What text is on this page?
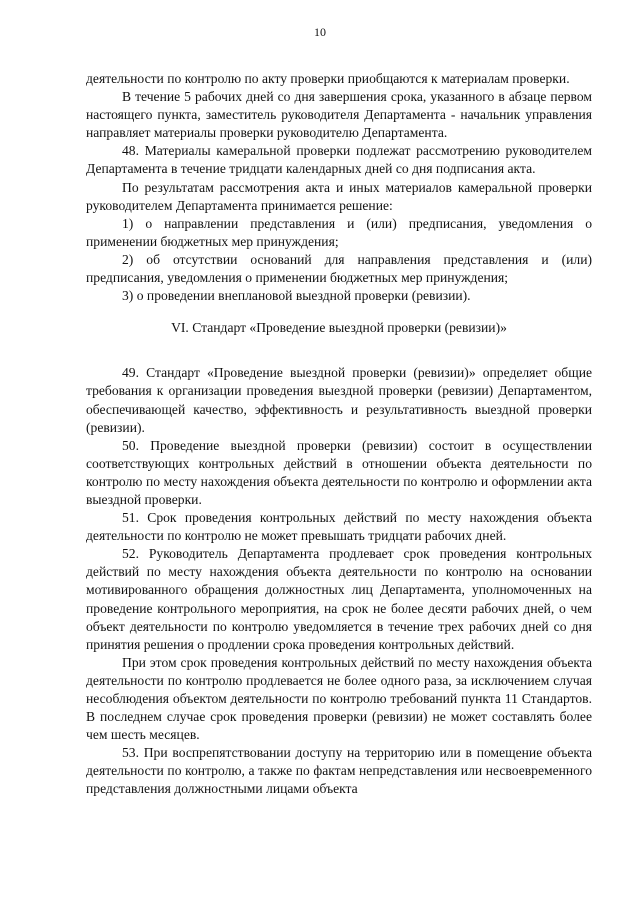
10

деятельности по контролю по акту проверки приобщаются к материалам проверки.

В течение 5 рабочих дней со дня завершения срока, указанного в абзаце первом настоящего пункта, заместитель руководителя Департамента - начальник управления направляет материалы проверки руководителю Департамента.

48. Материалы камеральной проверки подлежат рассмотрению руководителем Департамента в течение тридцати календарных дней со дня подписания акта.

По результатам рассмотрения акта и иных материалов камеральной проверки руководителем Департамента принимается решение:

1) о направлении представления и (или) предписания, уведомления о применении бюджетных мер принуждения;

2) об отсутствии оснований для направления представления и (или) предписания, уведомления о применении бюджетных мер принуждения;

3) о проведении внеплановой выездной проверки (ревизии).

VI. Стандарт «Проведение выездной проверки (ревизии)»

49. Стандарт «Проведение выездной проверки (ревизии)» определяет общие требования к организации проведения выездной проверки (ревизии) Департаментом, обеспечивающей качество, эффективность и результативность выездной проверки (ревизии).

50. Проведение выездной проверки (ревизии) состоит в осуществлении соответствующих контрольных действий в отношении объекта деятельности по контролю по месту нахождения объекта деятельности по контролю и оформлении акта выездной проверки.

51. Срок проведения контрольных действий по месту нахождения объекта деятельности по контролю не может превышать тридцати рабочих дней.

52. Руководитель Департамента продлевает срок проведения контрольных действий по месту нахождения объекта деятельности по контролю на основании мотивированного обращения должностных лиц Департамента, уполномоченных на проведение контрольного мероприятия, на срок не более десяти рабочих дней, о чем объект деятельности по контролю уведомляется в течение трех рабочих дней со дня принятия решения о продлении срока проведения контрольных действий.

При этом срок проведения контрольных действий по месту нахождения объекта деятельности по контролю продлевается не более одного раза, за исключением случая несоблюдения объектом деятельности по контролю требований пункта 11 Стандартов. В последнем случае срок проведения проверки (ревизии) не может составлять более чем шесть месяцев.

53. При воспрепятствовании доступу на территорию или в помещение объекта деятельности по контролю, а также по фактам непредставления или несвоевременного представления должностными лицами объекта
